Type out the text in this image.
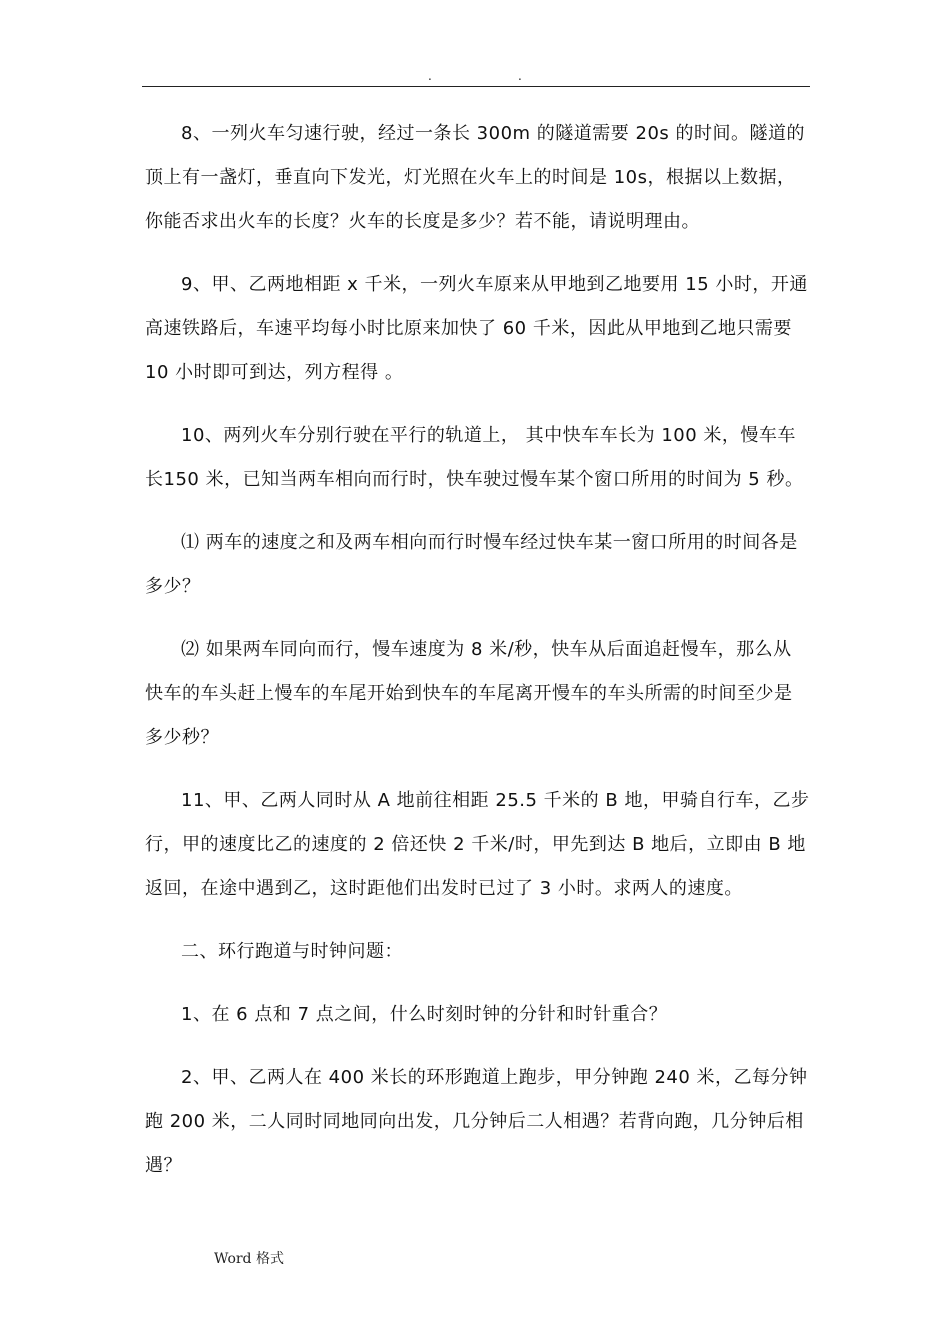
.	.

8、一列火车匀速行驶，经过一条长 300m 的隧道需要 20s 的时间。隧道的顶上有一盏灯，垂直向下发光，灯光照在火车上的时间是 10s，根据以上数据，你能否求出火车的长度？火车的长度是多少？若不能，请说明理由。

9、甲、乙两地相距 x 千米，一列火车原来从甲地到乙地要用 15 小时，开通高速铁路后，车速平均每小时比原来加快了 60 千米，因此从甲地到乙地只需要10 小时即可到达，列方程得 。

10、两列火车分别行驶在平行的轨道上， 其中快车车长为 100 米，慢车车长150 米，已知当两车相向而行时，快车驶过慢车某个窗口所用的时间为 5 秒。

⑴ 两车的速度之和及两车相向而行时慢车经过快车某一窗口所用的时间各是多少？

⑵ 如果两车同向而行，慢车速度为 8 米/秒，快车从后面追赶慢车，那么从快车的车头赶上慢车的车尾开始到快车的车尾离开慢车的车头所需的时间至少是多少秒？

11、甲、乙两人同时从 A 地前往相距 25.5 千米的 B 地，甲骑自行车，乙步行，甲的速度比乙的速度的 2 倍还快 2 千米/时，甲先到达 B 地后，立即由 B 地返回，在途中遇到乙，这时距他们出发时已过了 3 小时。求两人的速度。

二、环行跑道与时钟问题：

1、在 6 点和 7 点之间，什么时刻时钟的分针和时针重合？

2、甲、乙两人在 400 米长的环形跑道上跑步，甲分钟跑 240 米，乙每分钟跑 200 米，二人同时同地同向出发，几分钟后二人相遇？若背向跑，几分钟后相遇？

Word 格式
